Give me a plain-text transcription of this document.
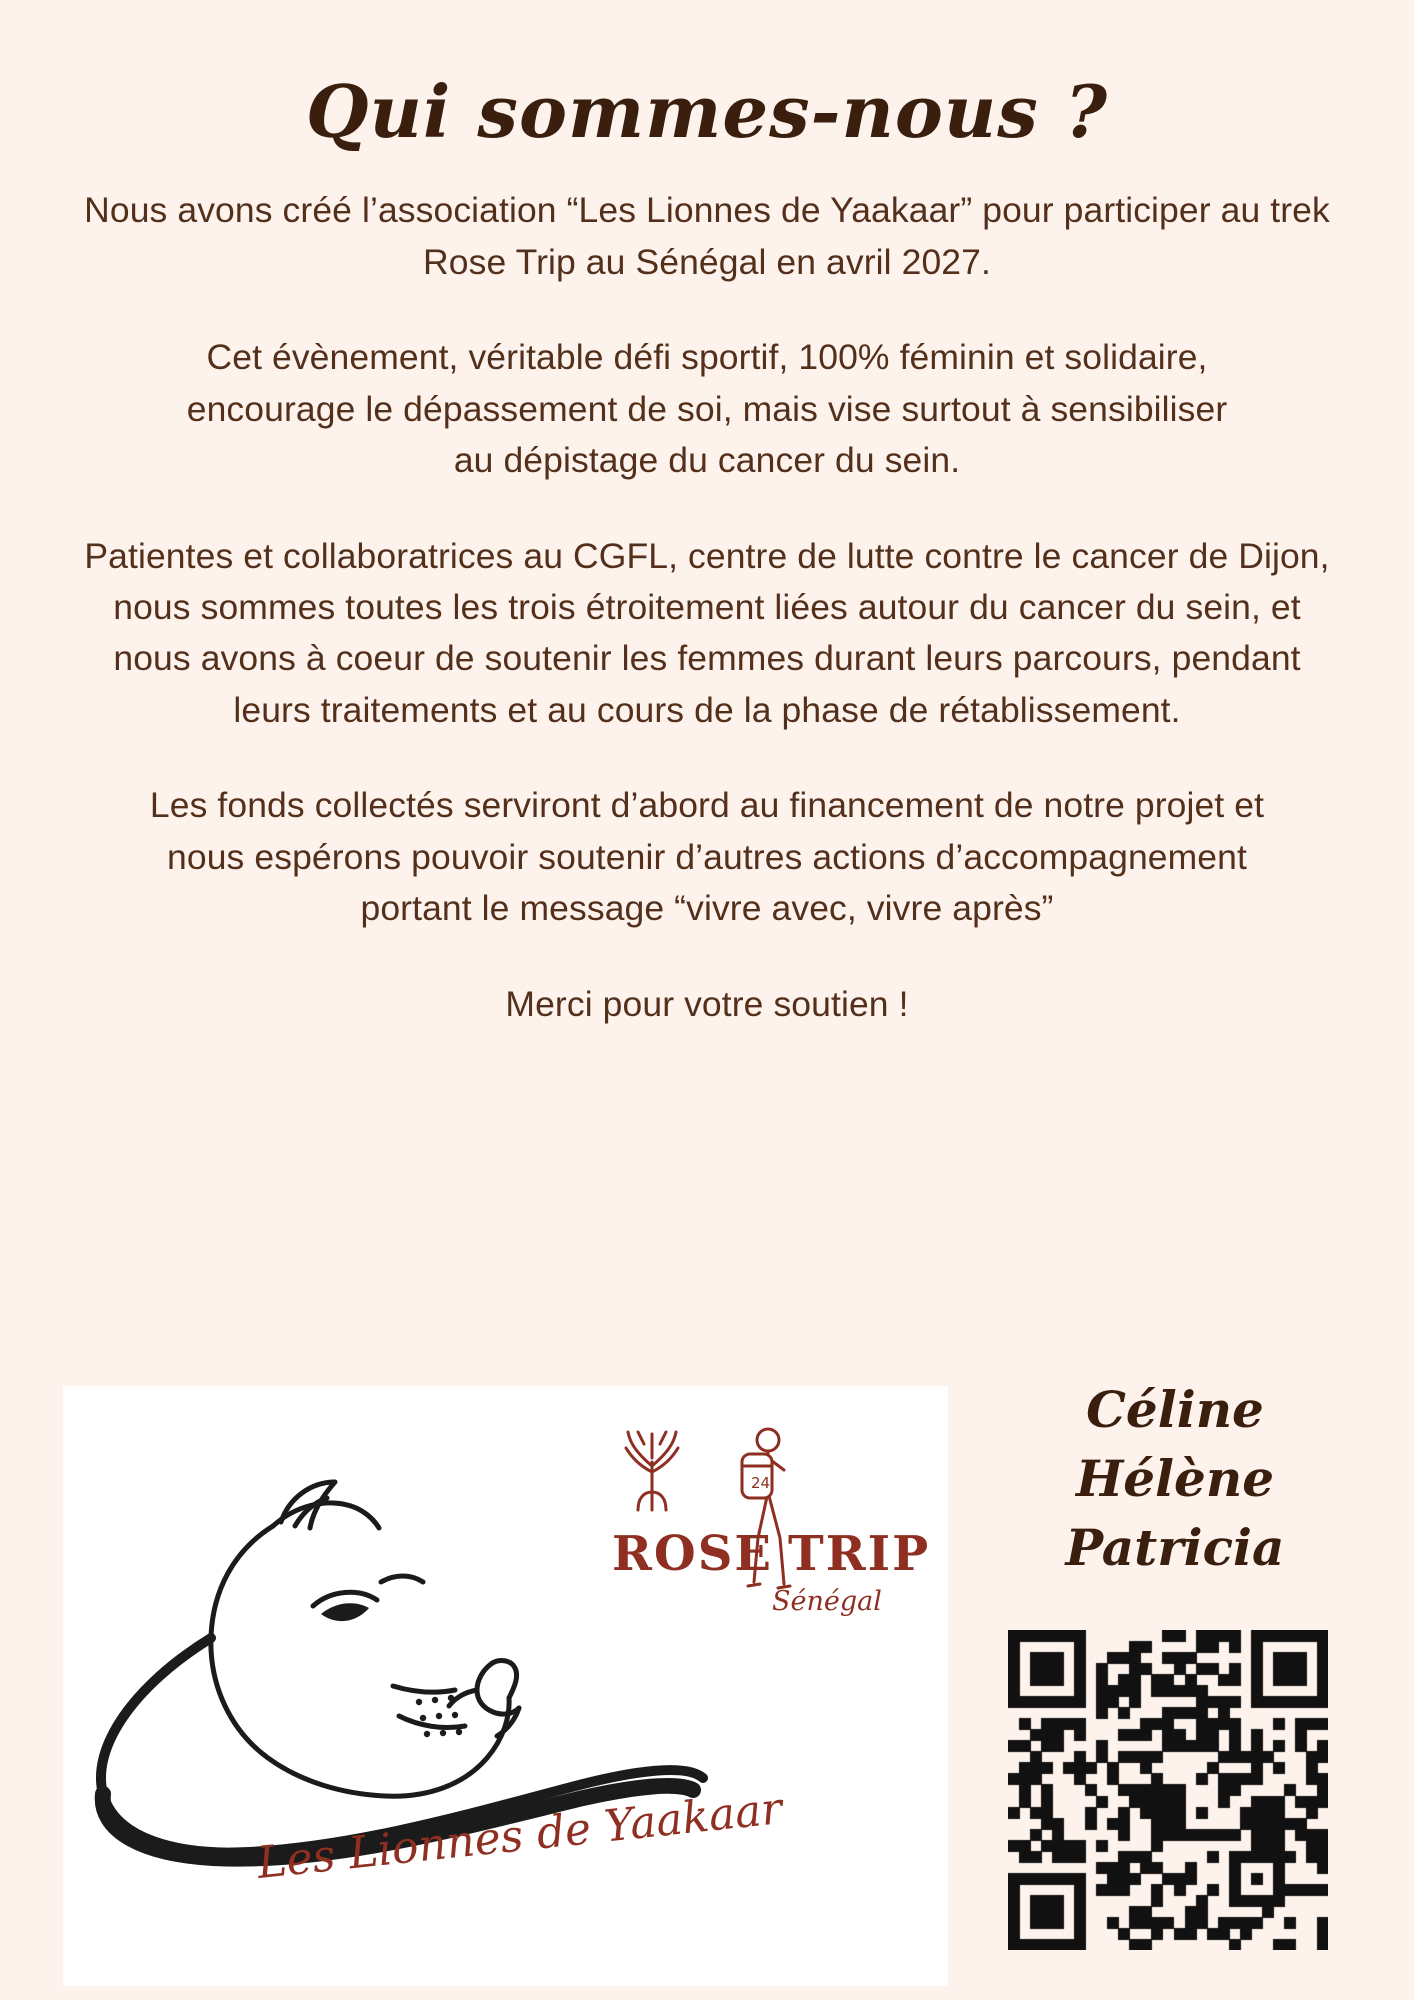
Qui sommes-nous ?

Nous avons créé l’association “Les Lionnes de Yaakaar” pour participer au trek Rose Trip au Sénégal en avril 2027.

Cet évènement, véritable défi sportif, 100% féminin et solidaire, encourage le dépassement de soi, mais vise surtout à sensibiliser au dépistage du cancer du sein.

Patientes et collaboratrices au CGFL, centre de lutte contre le cancer de Dijon, nous sommes toutes les trois étroitement liées autour du cancer du sein, et nous avons à coeur de soutenir les femmes durant leurs parcours, pendant leurs traitements et au cours de la phase de rétablissement.

Les fonds collectés serviront d’abord au financement de notre projet et nous espérons pouvoir soutenir d’autres actions d’accompagnement portant le message “vivre avec, vivre après”

Merci pour votre soutien !

Les Lionnes de Yaakaar
24
ROSE TRIP
Sénégal
Céline
Hélène
Patricia
